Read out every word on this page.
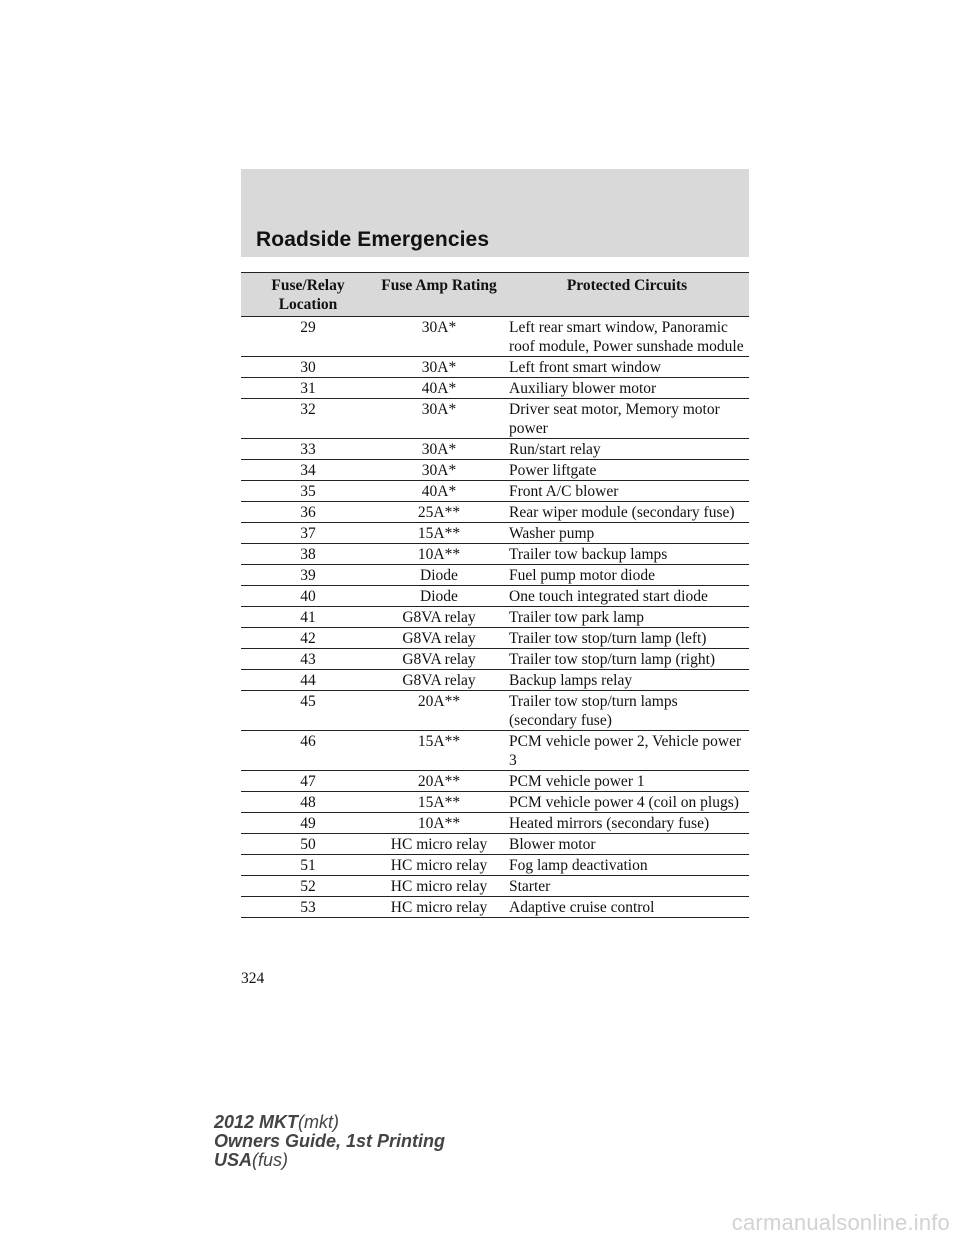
Roadside Emergencies
Fuse/Relay Location	Fuse Amp Rating	Protected Circuits
29	30A*	Left rear smart window, Panoramic roof module, Power sunshade module
30	30A*	Left front smart window
31	40A*	Auxiliary blower motor
32	30A*	Driver seat motor, Memory motor power
33	30A*	Run/start relay
34	30A*	Power liftgate
35	40A*	Front A/C blower
36	25A**	Rear wiper module (secondary fuse)
37	15A**	Washer pump
38	10A**	Trailer tow backup lamps
39	Diode	Fuel pump motor diode
40	Diode	One touch integrated start diode
41	G8VA relay	Trailer tow park lamp
42	G8VA relay	Trailer tow stop/turn lamp (left)
43	G8VA relay	Trailer tow stop/turn lamp (right)
44	G8VA relay	Backup lamps relay
45	20A**	Trailer tow stop/turn lamps (secondary fuse)
46	15A**	PCM vehicle power 2, Vehicle power 3
47	20A**	PCM vehicle power 1
48	15A**	PCM vehicle power 4 (coil on plugs)
49	10A**	Heated mirrors (secondary fuse)
50	HC micro relay	Blower motor
51	HC micro relay	Fog lamp deactivation
52	HC micro relay	Starter
53	HC micro relay	Adaptive cruise control
324
2012 MKT(mkt)
Owners Guide, 1st Printing
USA(fus)
carmanualsonline.info
